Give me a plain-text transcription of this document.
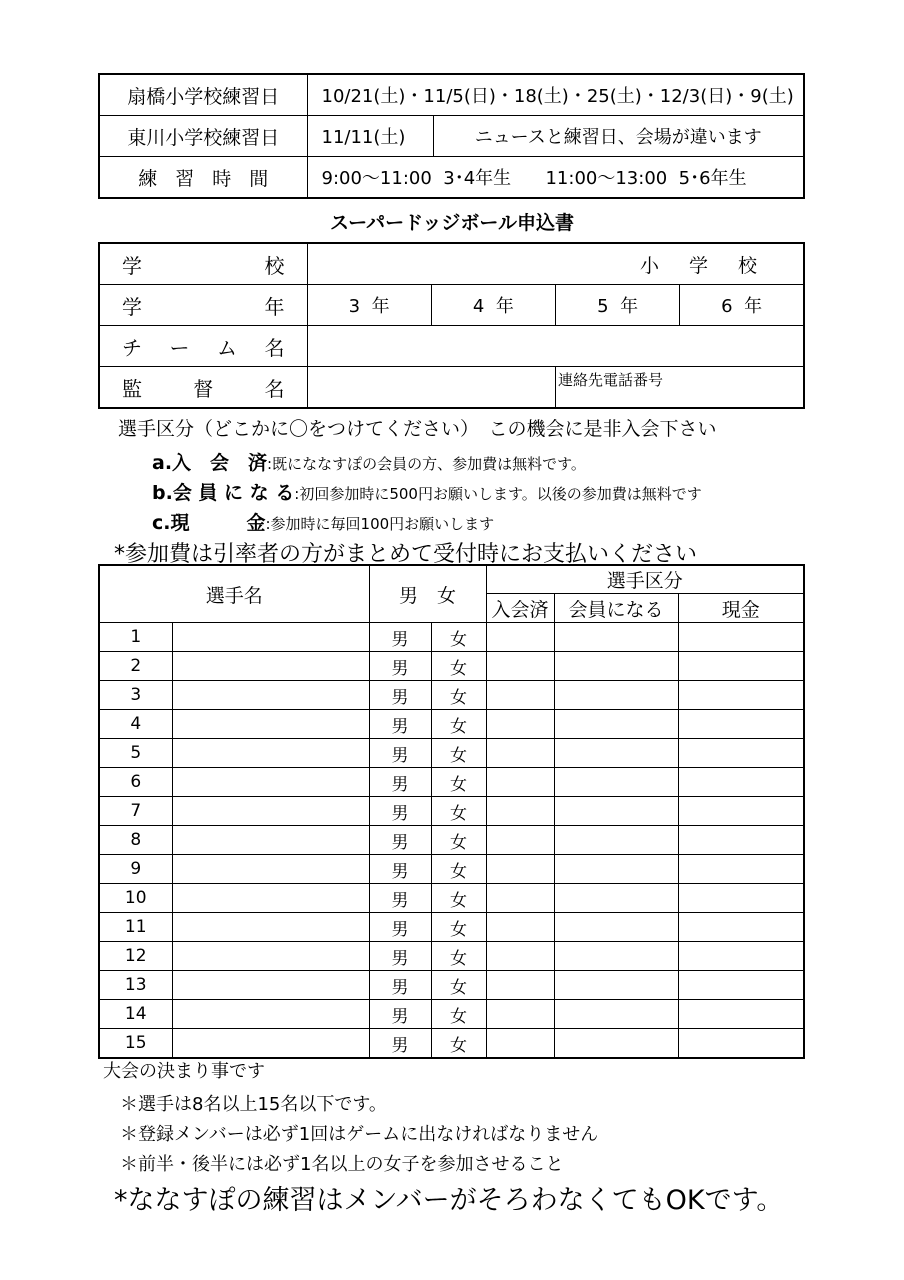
扇橋小学校練習日	10/21(土)・11/5(日)・18(土)・25(土)・12/3(日)・9(土)	
東川小学校練習日	11/11(土)	ニュースと練習日、会場が違います
練習時間	9:00〜11:00  3･4年生      11:00〜13:00  5･6年生	
スーパードッジボール申込書
学 校	小学校			

学 年	3  年	4  年	5  年	6  年

チ ー ム 名				

監 督 名			連絡先電話番号	
選手区分（どこかに〇をつけてください）　この機会に是非入会下さい
a.入　会　済:既にななすぽの会員の方、参加費は無料です。
b.会 員 に な る:初回参加時に500円お願いします。以後の参加費は無料です
c.現　　　金:参加時に毎回100円お願いします
*参加費は引率者の方がまとめて受付時にお支払いください
選手名		男　女		選手区分		
				入会済	会員になる	現金
1		男	女			
2		男	女			
3		男	女			
4		男	女			
5		男	女			
6		男	女			
7		男	女			
8		男	女			
9		男	女			
10		男	女			
11		男	女			
12		男	女			
13		男	女			
14		男	女			
15		男	女			
大会の決まり事です
＊選手は8名以上15名以下です。
＊登録メンバーは必ず1回はゲームに出なければなりません
＊前半・後半には必ず1名以上の女子を参加させること
*ななすぽの練習はメンバーがそろわなくてもOKです。
